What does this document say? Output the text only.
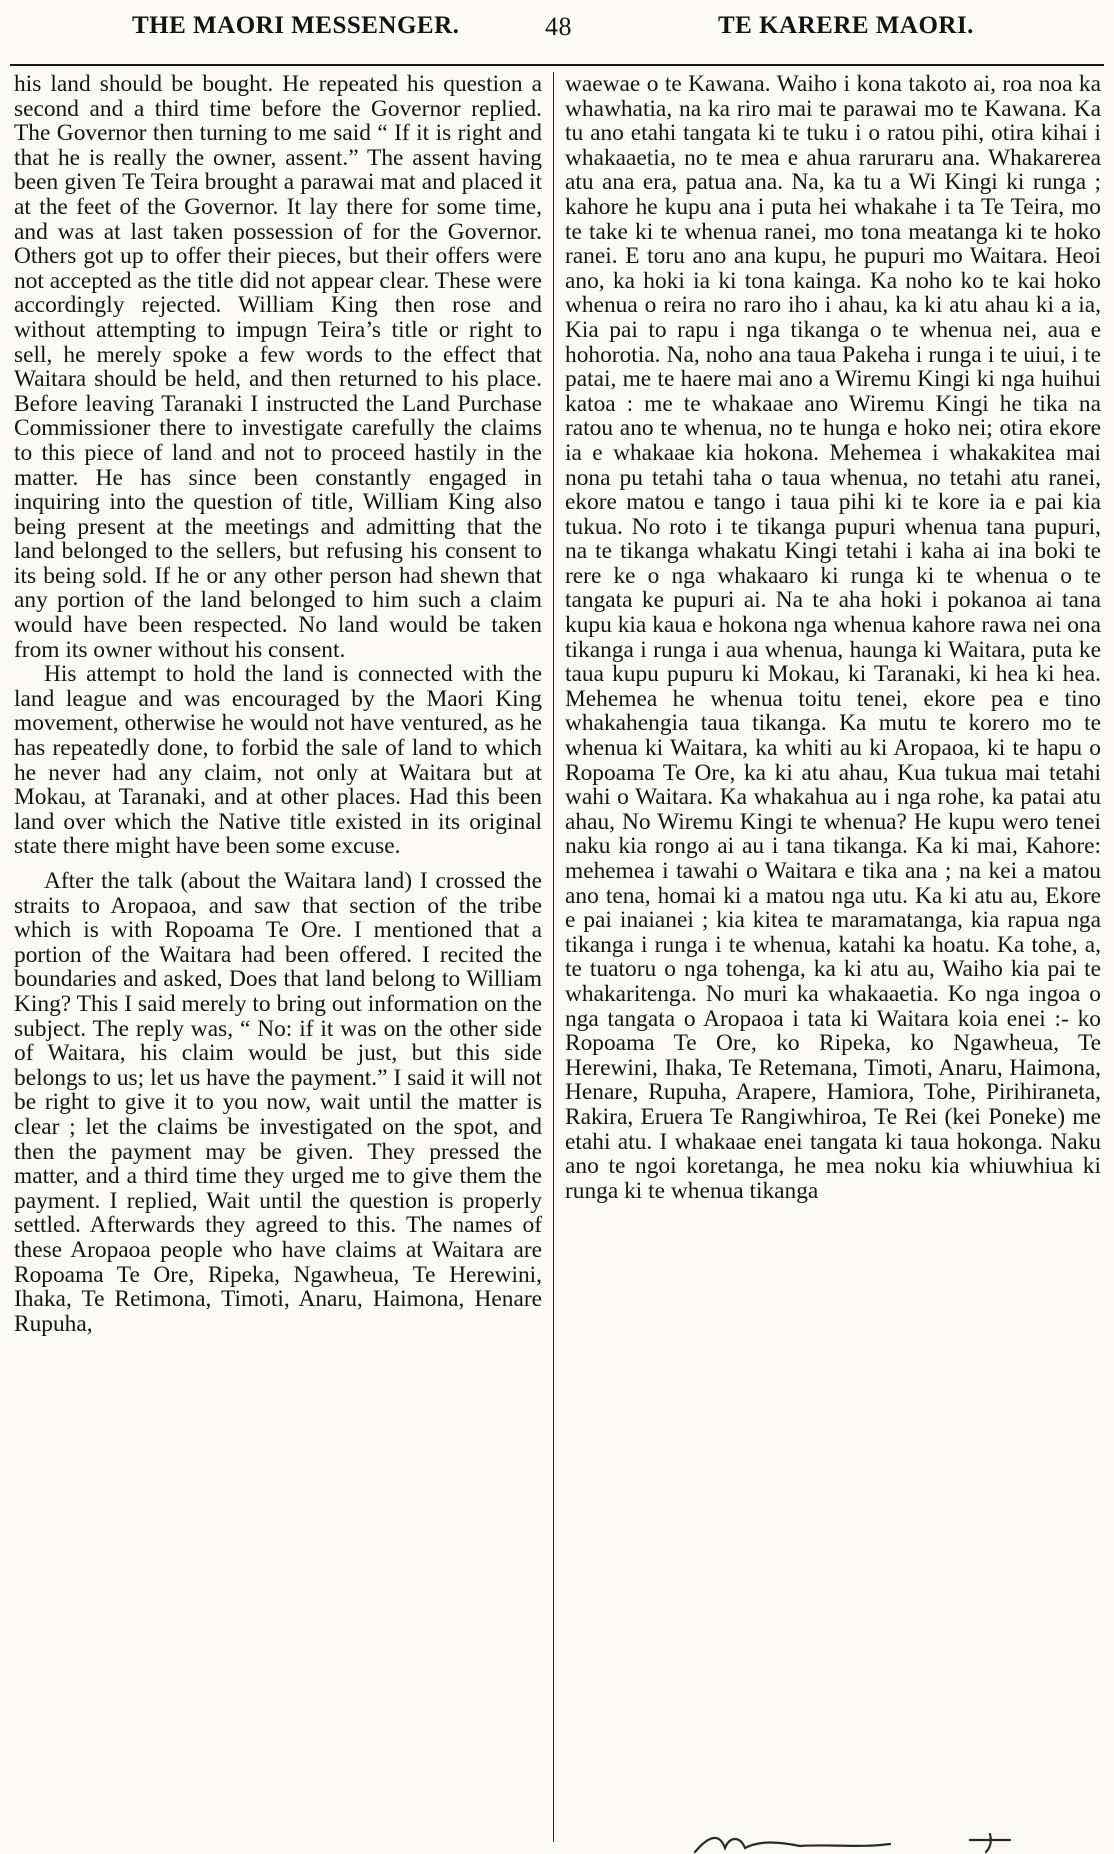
THE MAORI MESSENGER.	48	TE KARERE MAORI.

his land should be bought. He repeated his question a second and a third time before the Governor replied. The Governor then turning to me said “ If it is right and that he is really the owner, assent.” The assent having been given Te Teira brought a parawai mat and placed it at the feet of the Governor. It lay there for some time, and was at last taken possession of for the Governor. Others got up to offer their pieces, but their offers were not accepted as the title did not appear clear. These were accordingly rejected. William King then rose and without attempting to impugn Teira’s title or right to sell, he merely spoke a few words to the effect that Waitara should be held, and then returned to his place. Before leaving Taranaki I instructed the Land Purchase Commissioner there to investigate carefully the claims to this piece of land and not to proceed hastily in the matter. He has since been constantly engaged in inquiring into the question of title, William King also being present at the meetings and admitting that the land belonged to the sellers, but refusing his consent to its being sold. If he or any other person had shewn that any portion of the land belonged to him such a claim would have been respected. No land would be taken from its owner without his consent.

His attempt to hold the land is connected with the land league and was encouraged by the Maori King movement, otherwise he would not have ventured, as he has repeatedly done, to forbid the sale of land to which he never had any claim, not only at Waitara but at Mokau, at Taranaki, and at other places. Had this been land over which the Native title existed in its original state there might have been some excuse.

After the talk (about the Waitara land) I crossed the straits to Aropaoa, and saw that section of the tribe which is with Ropoama Te Ore. I mentioned that a portion of the Waitara had been offered. I recited the boundaries and asked, Does that land belong to William King? This I said merely to bring out information on the subject. The reply was, “ No: if it was on the other side of Waitara, his claim would be just, but this side belongs to us; let us have the payment.” I said it will not be right to give it to you now, wait until the matter is clear ; let the claims be investigated on the spot, and then the payment may be given. They pressed the matter, and a third time they urged me to give them the payment. I replied, Wait until the question is properly settled. Afterwards they agreed to this. The names of these Aropaoa people who have claims at Waitara are Ropoama Te Ore, Ripeka, Ngawheua, Te Herewini, Ihaka, Te Retimona, Timoti, Anaru, Haimona, Henare Rupuha,

waewae o te Kawana. Waiho i kona takoto ai, roa noa ka whawhatia, na ka riro mai te parawai mo te Kawana. Ka tu ano etahi tangata ki te tuku i o ratou pihi, otira kihai i whakaaetia, no te mea e ahua raruraru ana. Whakarerea atu ana era, patua ana. Na, ka tu a Wi Kingi ki runga ; kahore he kupu ana i puta hei whakahe i ta Te Teira, mo te take ki te whenua ranei, mo tona meatanga ki te hoko ranei. E toru ano ana kupu, he pupuri mo Waitara. Heoi ano, ka hoki ia ki tona kainga. Ka noho ko te kai hoko whenua o reira no raro iho i ahau, ka ki atu ahau ki a ia, Kia pai to rapu i nga tikanga o te whenua nei, aua e hohorotia. Na, noho ana taua Pakeha i runga i te uiui, i te patai, me te haere mai ano a Wiremu Kingi ki nga huihui katoa : me te whakaae ano Wiremu Kingi he tika na ratou ano te whenua, no te hunga e hoko nei; otira ekore ia e whakaae kia hokona. Mehemea i whakakitea mai nona pu tetahi taha o taua whenua, no tetahi atu ranei, ekore matou e tango i taua pihi ki te kore ia e pai kia tukua. No roto i te tikanga pupuri whenua tana pupuri, na te tikanga whakatu Kingi tetahi i kaha ai ina boki te rere ke o nga whakaaro ki runga ki te whenua o te tangata ke pupuri ai. Na te aha hoki i pokanoa ai tana kupu kia kaua e hokona nga whenua kahore rawa nei ona tikanga i runga i aua whenua, haunga ki Waitara, puta ke taua kupu pupuru ki Mokau, ki Taranaki, ki hea ki hea. Mehemea he whenua toitu tenei, ekore pea e tino whakahengia taua tikanga. Ka mutu te korero mo te whenua ki Waitara, ka whiti au ki Aropaoa, ki te hapu o Ropoama Te Ore, ka ki atu ahau, Kua tukua mai tetahi wahi o Waitara. Ka whakahua au i nga rohe, ka patai atu ahau, No Wiremu Kingi te whenua? He kupu wero tenei naku kia rongo ai au i tana tikanga. Ka ki mai, Kahore: mehemea i tawahi o Waitara e tika ana ; na kei a matou ano tena, homai ki a matou nga utu. Ka ki atu au, Ekore e pai inaianei ; kia kitea te maramatanga, kia rapua nga tikanga i runga i te whenua, katahi ka hoatu. Ka tohe, a, te tuatoru o nga tohenga, ka ki atu au, Waiho kia pai te whakaritenga. No muri ka whakaaetia. Ko nga ingoa o nga tangata o Aropaoa i tata ki Waitara koia enei :- ko Ropoama Te Ore, ko Ripeka, ko Ngawheua, Te Herewini, Ihaka, Te Retemana, Timoti, Anaru, Haimona, Henare, Rupuha, Arapere, Hamiora, Tohe, Pirihiraneta, Rakira, Eruera Te Rangiwhiroa, Te Rei (kei Poneke) me etahi atu. I whakaae enei tangata ki taua hokonga. Naku ano te ngoi koretanga, he mea noku kia whiuwhiua ki runga ki te whenua tikanga
